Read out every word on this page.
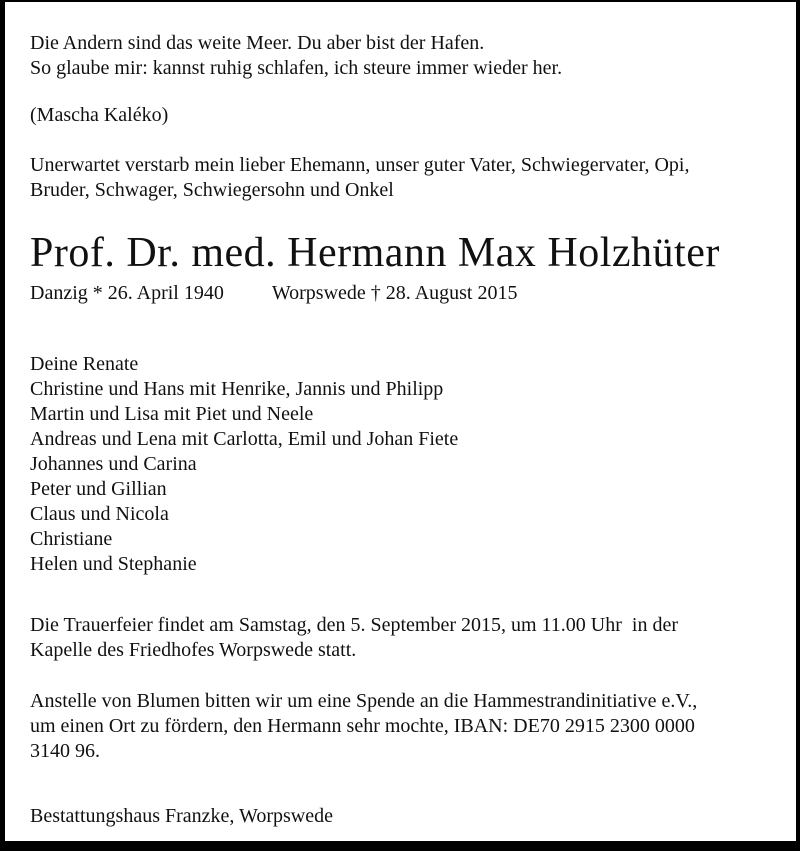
Die Andern sind das weite Meer. Du aber bist der Hafen.
So glaube mir: kannst ruhig schlafen, ich steure immer wieder her.
(Mascha Kaléko)
Unerwartet verstarb mein lieber Ehemann, unser guter Vater, Schwiegervater, Opi,
Bruder, Schwager, Schwiegersohn und Onkel
Prof. Dr. med. Hermann Max Holzhüter
Danzig * 26. April 1940 Worpswede † 28. August 2015
Deine Renate
Christine und Hans mit Henrike, Jannis und Philipp
Martin und Lisa mit Piet und Neele
Andreas und Lena mit Carlotta, Emil und Johan Fiete
Johannes und Carina
Peter und Gillian
Claus und Nicola
Christiane
Helen und Stephanie
Die Trauerfeier findet am Samstag, den 5. September 2015, um 11.00 Uhr  in der
Kapelle des Friedhofes Worpswede statt.
Anstelle von Blumen bitten wir um eine Spende an die Hammestrandinitiative e.V.,
um einen Ort zu fördern, den Hermann sehr mochte, IBAN: DE70 2915 2300 0000
3140 96.
Bestattungshaus Franzke, Worpswede
